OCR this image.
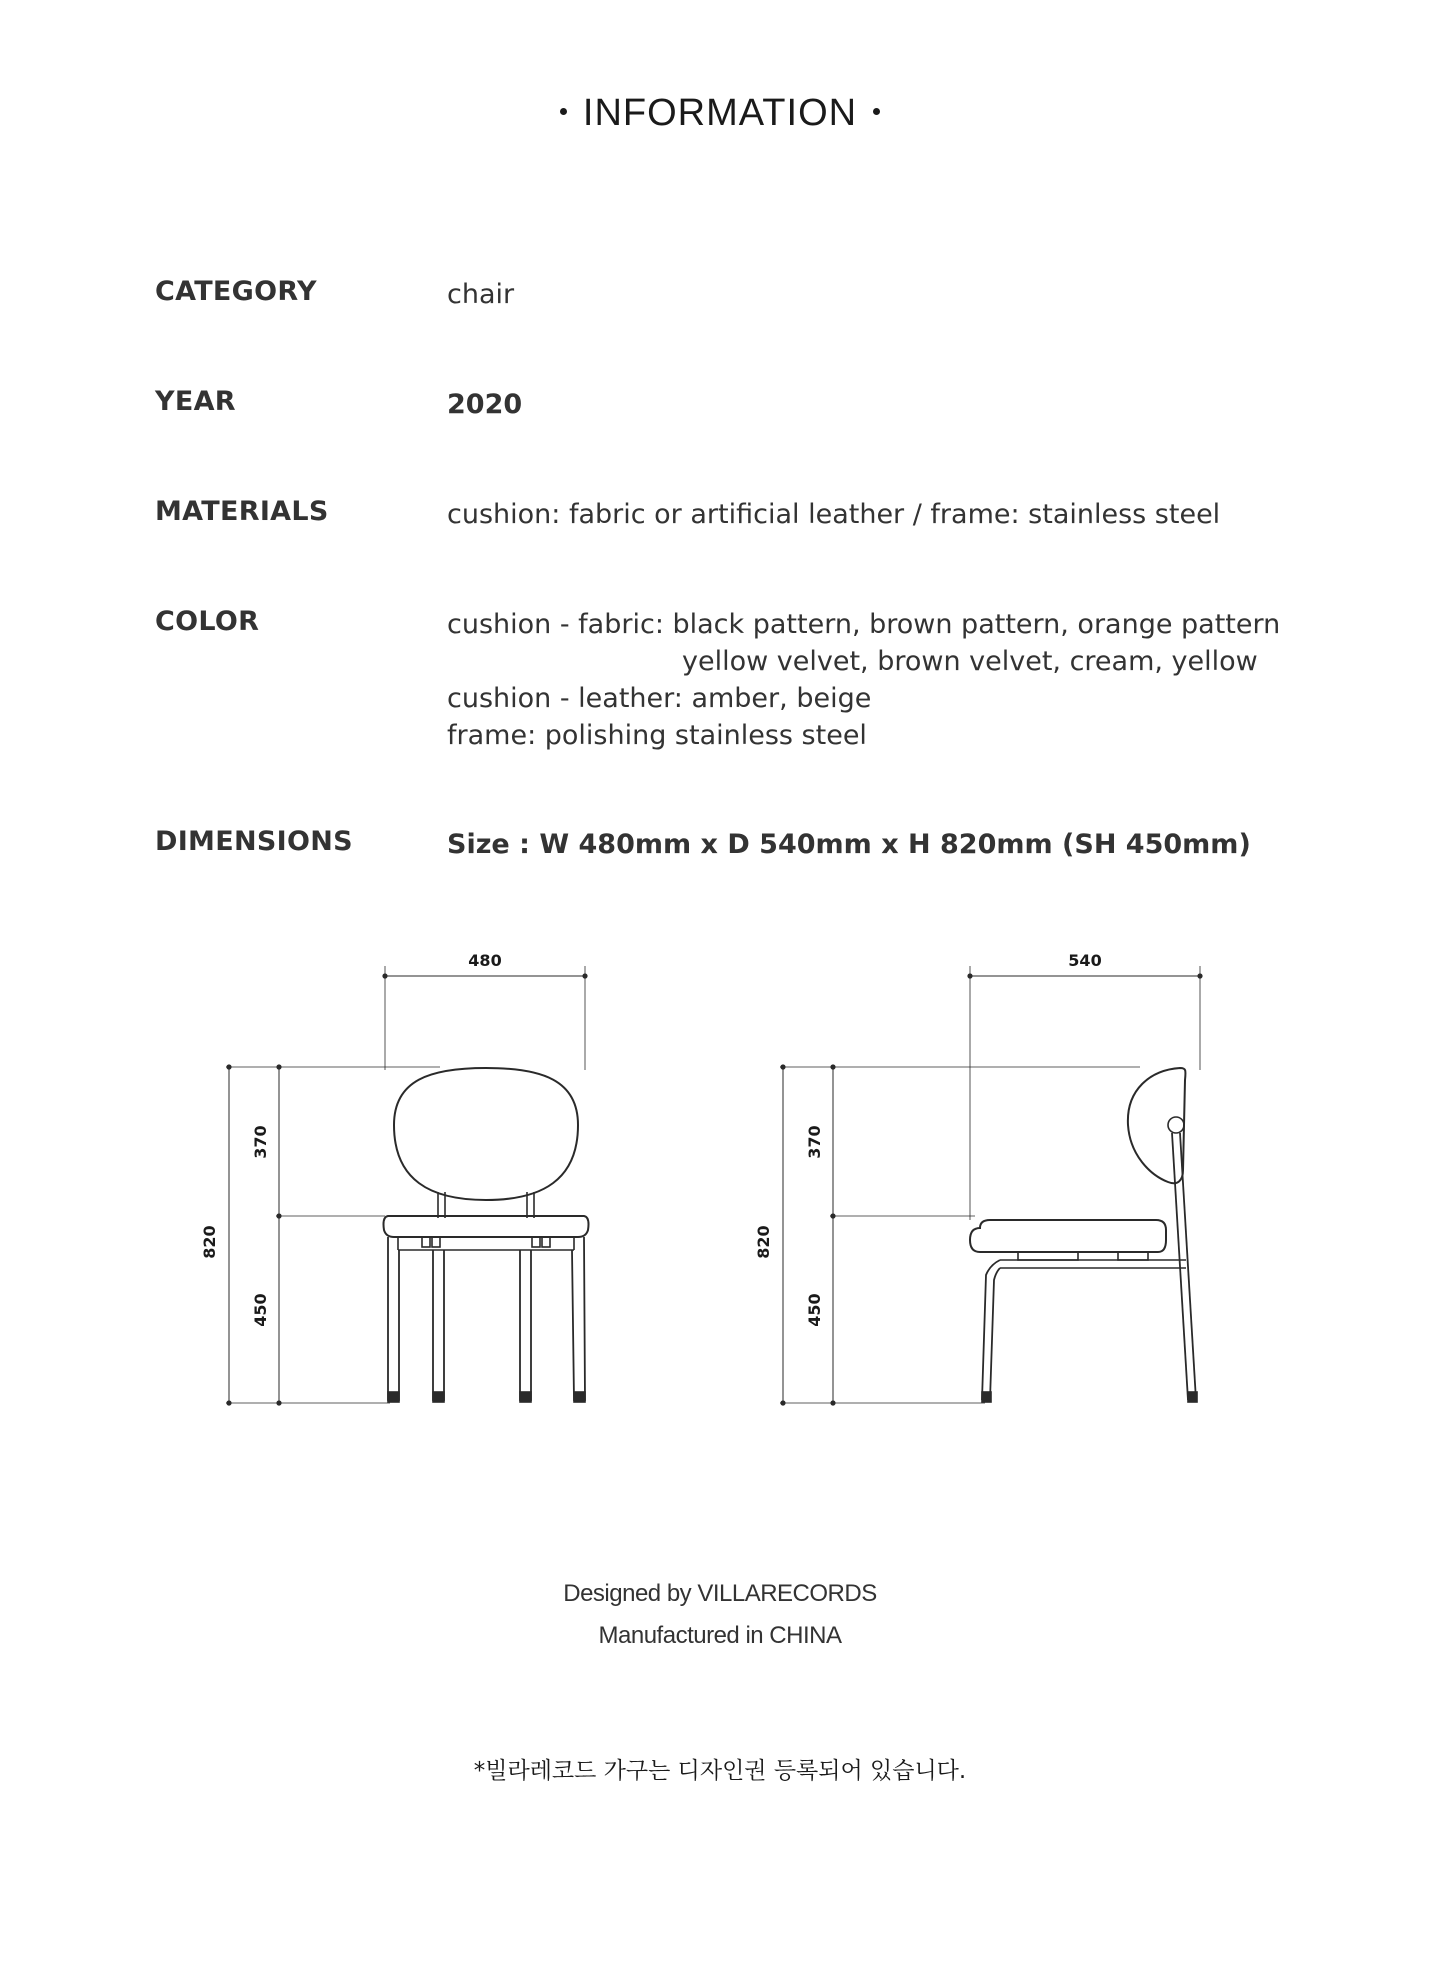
INFORMATION
CATEGORY	chair
YEAR	2020
MATERIALS	cushion: fabric or artificial leather / frame: stainless steel
COLOR	cushion - fabric: black pattern, brown pattern, orange pattern
yellow velvet, brown velvet, cream, yellow
cushion - leather: amber, beige
frame: polishing stainless steel
DIMENSIONS	Size : W 480mm x D 540mm x H 820mm (SH 450mm)
480
820
370
450
540
820
370
450
Designed by VILLARECORDS
Manufactured in CHINA
*빌라레코드 가구는 디자인권 등록되어 있습니다.
